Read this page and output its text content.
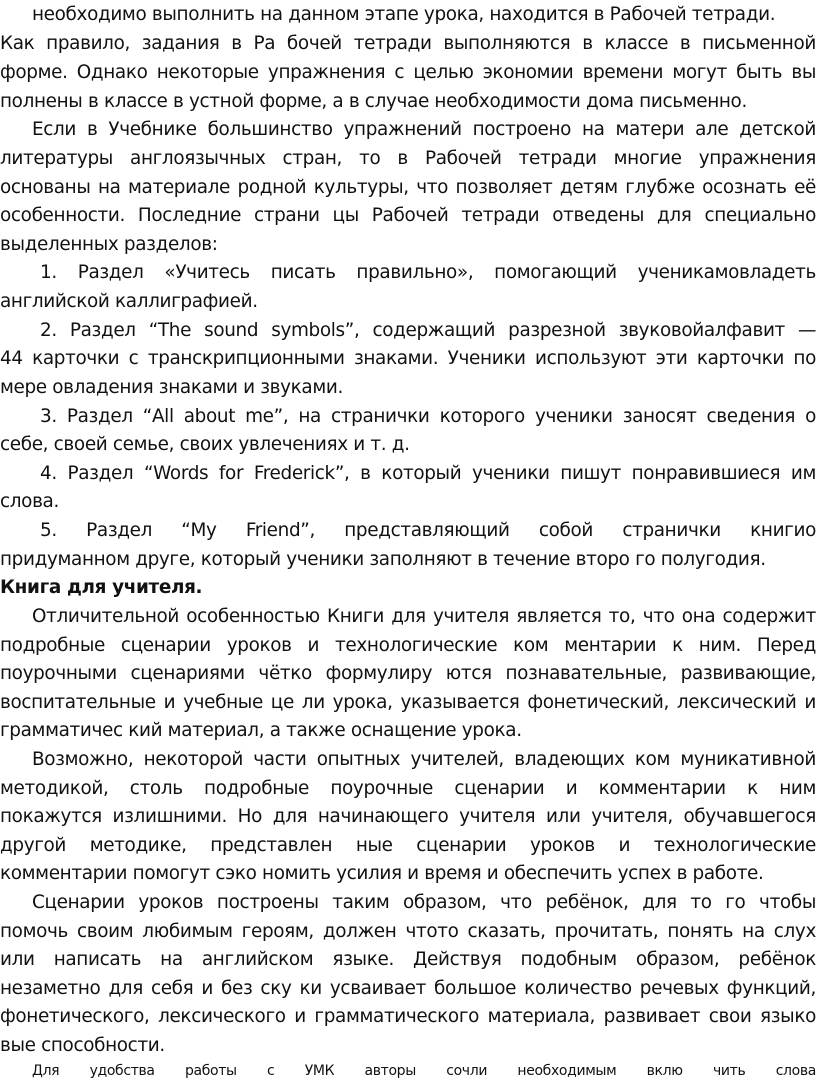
необходимо выполнить на данном этапе урока, находится в Рабочей тетради.
Как правило, задания в Ра бочей тетради выполняются в классе в письменной
форме. Однако некоторые упражнения с целью экономии времени могут быть вы
полнены в классе в устной форме, а в случае необходимости дома письменно.
Если в Учебнике большинство упражнений построено на матери але детской
литературы англоязычных стран, то в Рабочей тетради многие упражнения
основаны на материале родной культуры, что позволяет детям глубже осознать её
особенности. Последние страни цы Рабочей тетради отведены для специально
выделенных разделов:
1. Раздел «Учитесь писать правильно», помогающий ученикамовладеть
английской каллиграфией.
2. Раздел “The sound symbols”, содержащий разрезной звуковойалфавит —
44 карточки с транскрипционными знаками. Ученики используют эти карточки по
мере овладения знаками и звуками.
3. Раздел “All about me”, на странички которого ученики заносят сведения о
себе, своей семье, своих увлечениях и т. д.
4. Раздел “Words for Frederick”, в который ученики пишут понравившиеся им
слова.
5. Раздел “My Friend”, представляющий собой странички книгио
придуманном друге, который ученики заполняют в течение второ го полугодия.
Книга для учителя.
Отличительной особенностью Книги для учителя является то, что она содержит
подробные сценарии уроков и технологические ком ментарии к ним. Перед
поурочными сценариями чётко формулиру ются познавательные, развивающие,
воспитательные и учебные це ли урока, указывается фонетический, лексический и
грамматичес кий материал, а также оснащение урока.
Возможно, некоторой части опытных учителей, владеющих ком муникативной
методикой, столь подробные поурочные сценарии и комментарии к ним
покажутся излишними. Но для начинающего учителя или учителя, обучавшегося
другой методике, представлен ные сценарии уроков и технологические
комментарии помогут сэко номить усилия и время и обеспечить успех в работе.
Сценарии уроков построены таким образом, что ребёнок, для то го чтобы
помочь своим любимым героям, должен чтото сказать, прочитать, понять на слух
или написать на английском языке. Действуя подобным образом, ребёнок
незаметно для себя и без ску ки усваивает большое количество речевых функций,
фонетического, лексического и грамматического материала, развивает свои языко
вые способности.
Для удобства работы с УМК авторы сочли необходимым вклю чить слова
